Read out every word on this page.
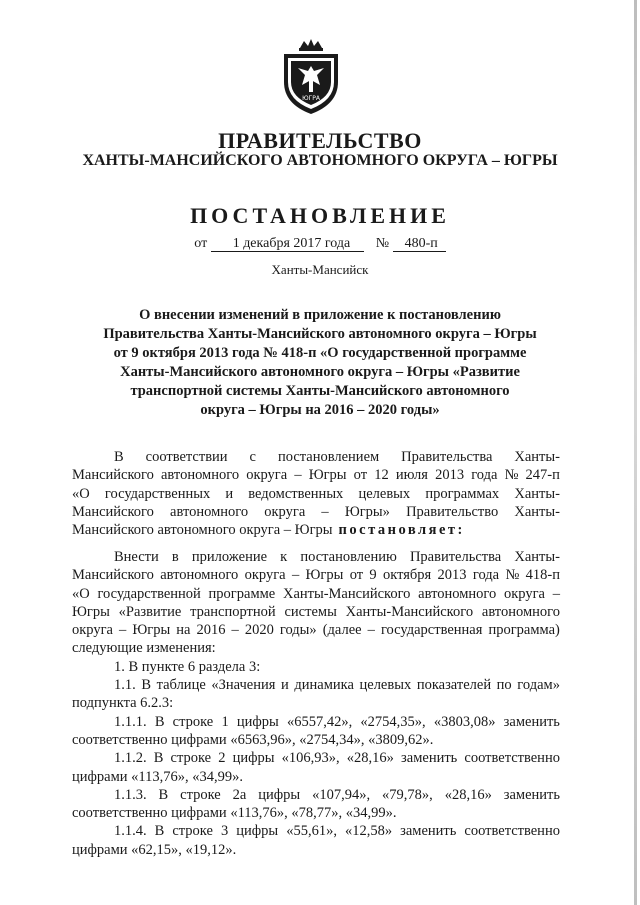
ЮГРА
ПРАВИТЕЛЬСТВО
ХАНТЫ-МАНСИЙСКОГО АВТОНОМНОГО ОКРУГА – ЮГРЫ
ПОСТАНОВЛЕНИЕ
от 1 декабря 2017 года № 480-п
Ханты-Мансийск
О внесении изменений в приложение к постановлению
Правительства Ханты-Мансийского автономного округа – Югры
от 9 октября 2013 года № 418-п «О государственной программе
Ханты-Мансийского автономного округа – Югры «Развитие
транспортной системы Ханты-Мансийского автономного
округа – Югры на 2016 – 2020 годы»
В соответствии с постановлением Правительства Ханты-
Мансийского автономного округа – Югры от 12 июля 2013 года № 247-п
«О государственных и ведомственных целевых программах Ханты-
Мансийского автономного округа – Югры» Правительство Ханты-
Мансийского автономного округа – Югры постановляет:
Внести в приложение к постановлению Правительства Ханты-
Мансийского автономного округа – Югры от 9 октября 2013 года № 418-п
«О государственной программе Ханты-Мансийского автономного округа –
Югры «Развитие транспортной системы Ханты-Мансийского автономного
округа – Югры на 2016 – 2020 годы» (далее – государственная программа)
следующие изменения:
1. В пункте 6 раздела 3:
1.1. В таблице «Значения и динамика целевых показателей по годам»
подпункта 6.2.3:
1.1.1. В строке 1 цифры «6557,42», «2754,35», «3803,08» заменить
соответственно цифрами «6563,96», «2754,34», «3809,62».
1.1.2. В строке 2 цифры «106,93», «28,16» заменить соответственно
цифрами «113,76», «34,99».
1.1.3. В строке 2а цифры «107,94», «79,78», «28,16» заменить
соответственно цифрами «113,76», «78,77», «34,99».
1.1.4. В строке 3 цифры «55,61», «12,58» заменить соответственно
цифрами «62,15», «19,12».
